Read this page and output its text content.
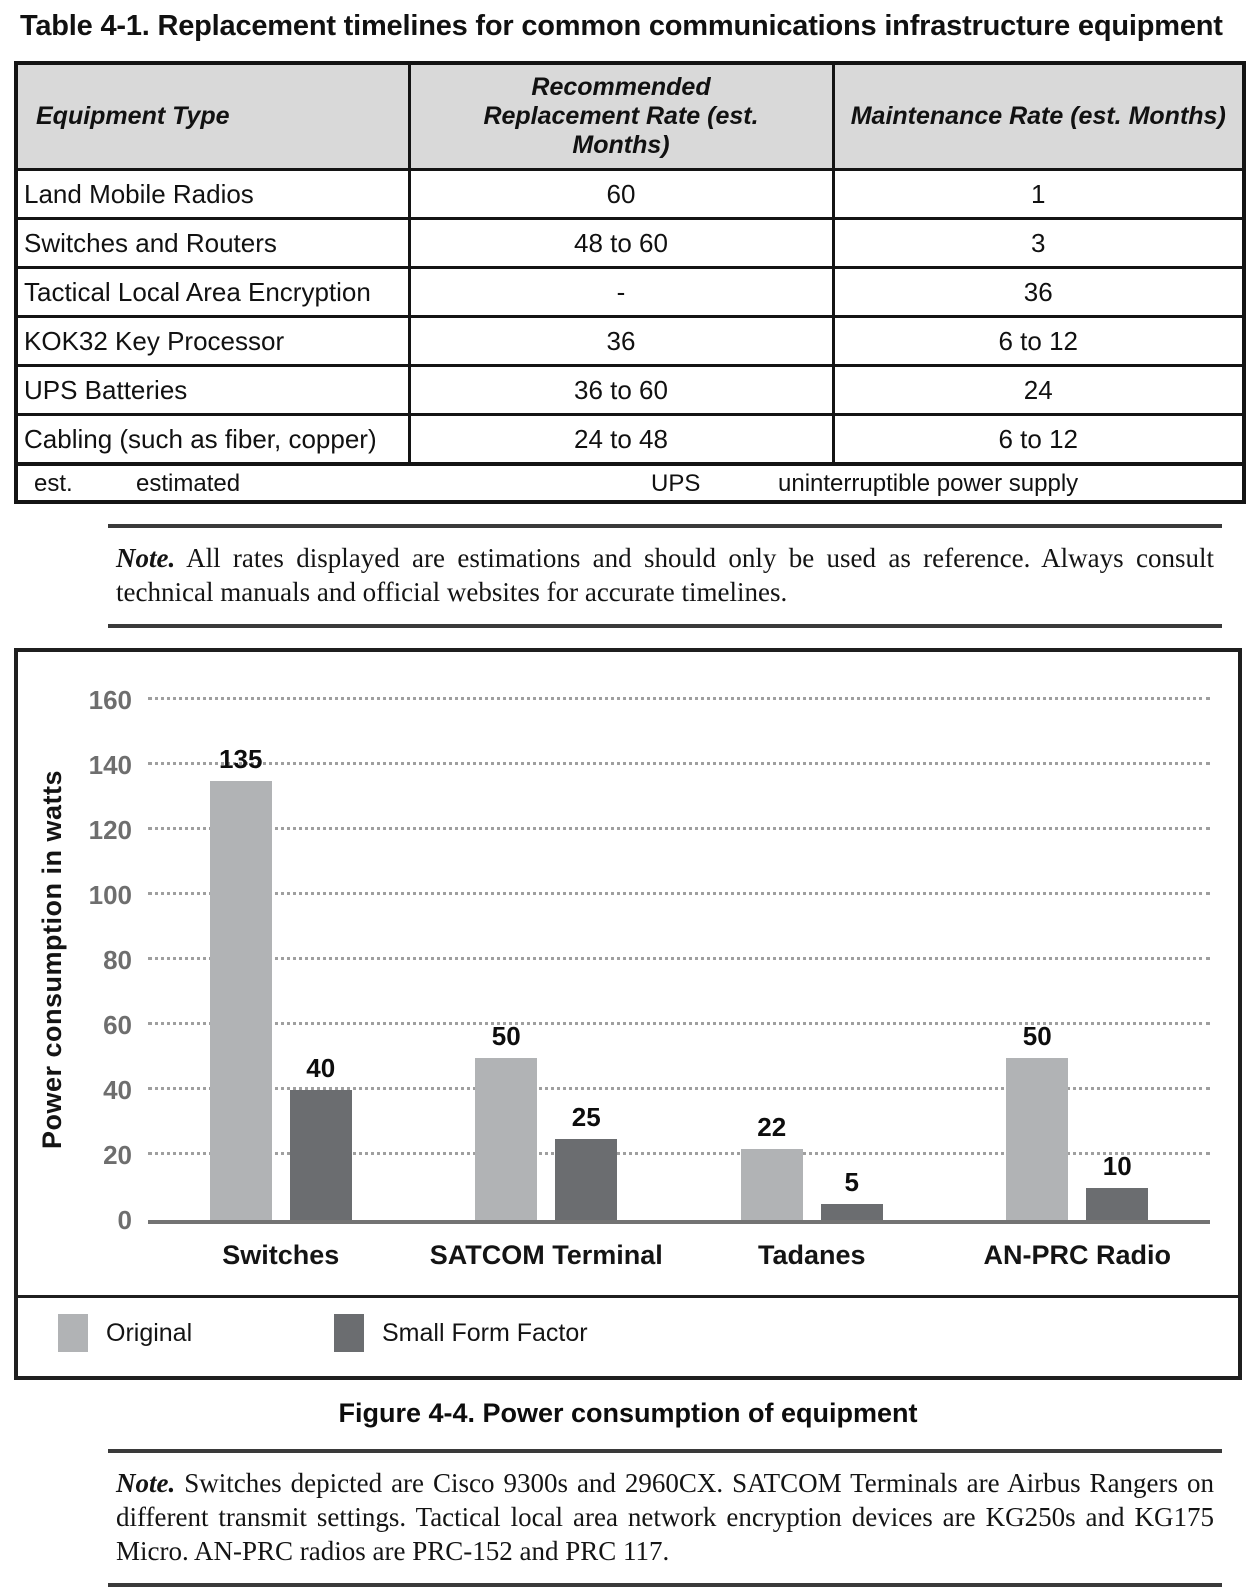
Table 4-1. Replacement timelines for common communications infrastructure equipment
Equipment Type	Recommended Replacement Rate (est. Months)	Maintenance Rate (est. Months)
Land Mobile Radios	60	1
Switches and Routers	48 to 60	3
Tactical Local Area Encryption	-	36
KOK32 Key Processor	36	6 to 12
UPS Batteries	36 to 60	24
Cabling (such as fiber, copper)	24 to 48	6 to 12

est. estimated UPS uninterruptible power supply		
Note. All rates displayed are estimations and should only be used as reference. Always consult technical manuals and official websites for accurate timelines.
Power consumption in watts
0
20
40
60
80
100
120
140
160
135
40
50
25	22
5
50
10
Switches	SATCOM Terminal	Tadanes	AN-PRC Radio
Original	Small Form Factor
Figure 4-4. Power consumption of equipment
Note. Switches depicted are Cisco 9300s and 2960CX. SATCOM Terminals are Airbus Rangers on different transmit settings. Tactical local area network encryption devices are KG250s and KG175 Micro. AN-PRC radios are PRC-152 and PRC 117.
